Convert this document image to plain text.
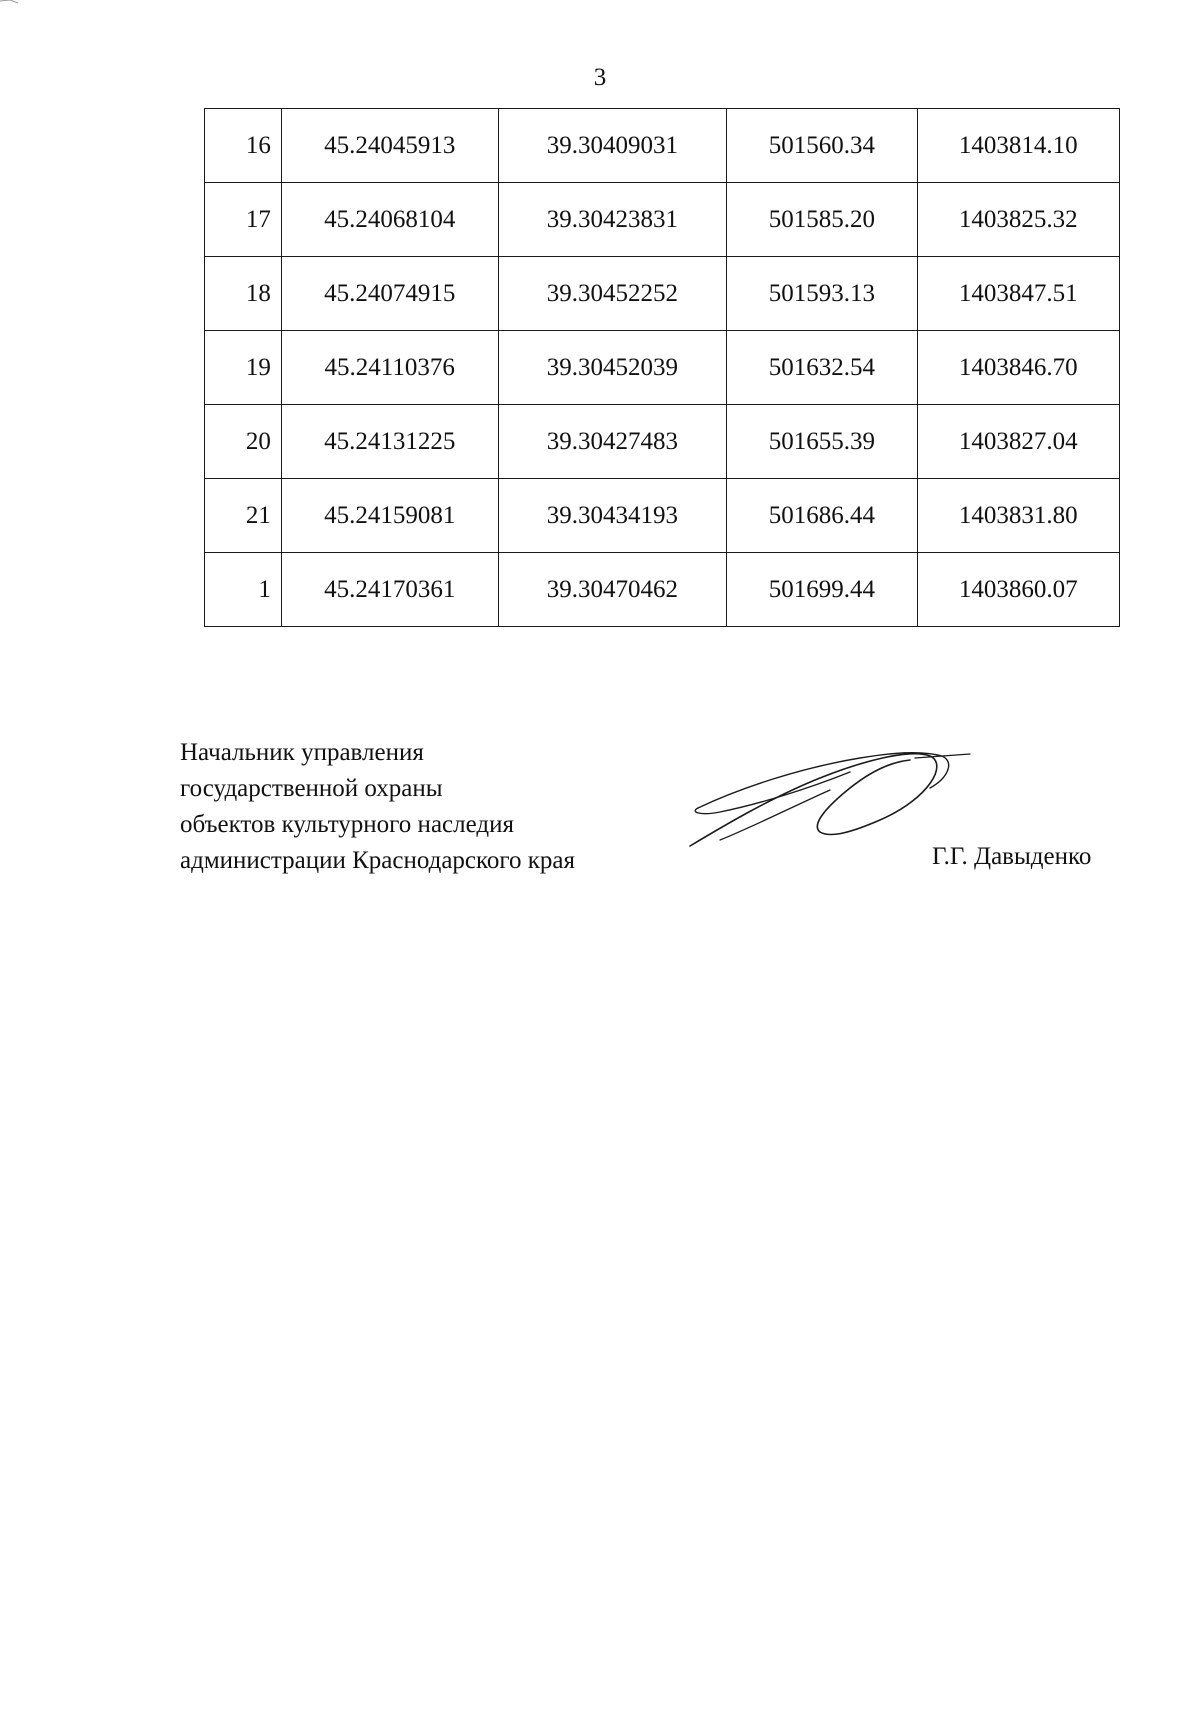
3
16	45.24045913	39.30409031	501560.34	1403814.10
17	45.24068104	39.30423831	501585.20	1403825.32
18	45.24074915	39.30452252	501593.13	1403847.51
19	45.24110376	39.30452039	501632.54	1403846.70
20	45.24131225	39.30427483	501655.39	1403827.04
21	45.24159081	39.30434193	501686.44	1403831.80
1	45.24170361	39.30470462	501699.44	1403860.07
Начальник управления
государственной охраны
объектов культурного наследия
администрации Краснодарского края	Г.Г. Давыденко
